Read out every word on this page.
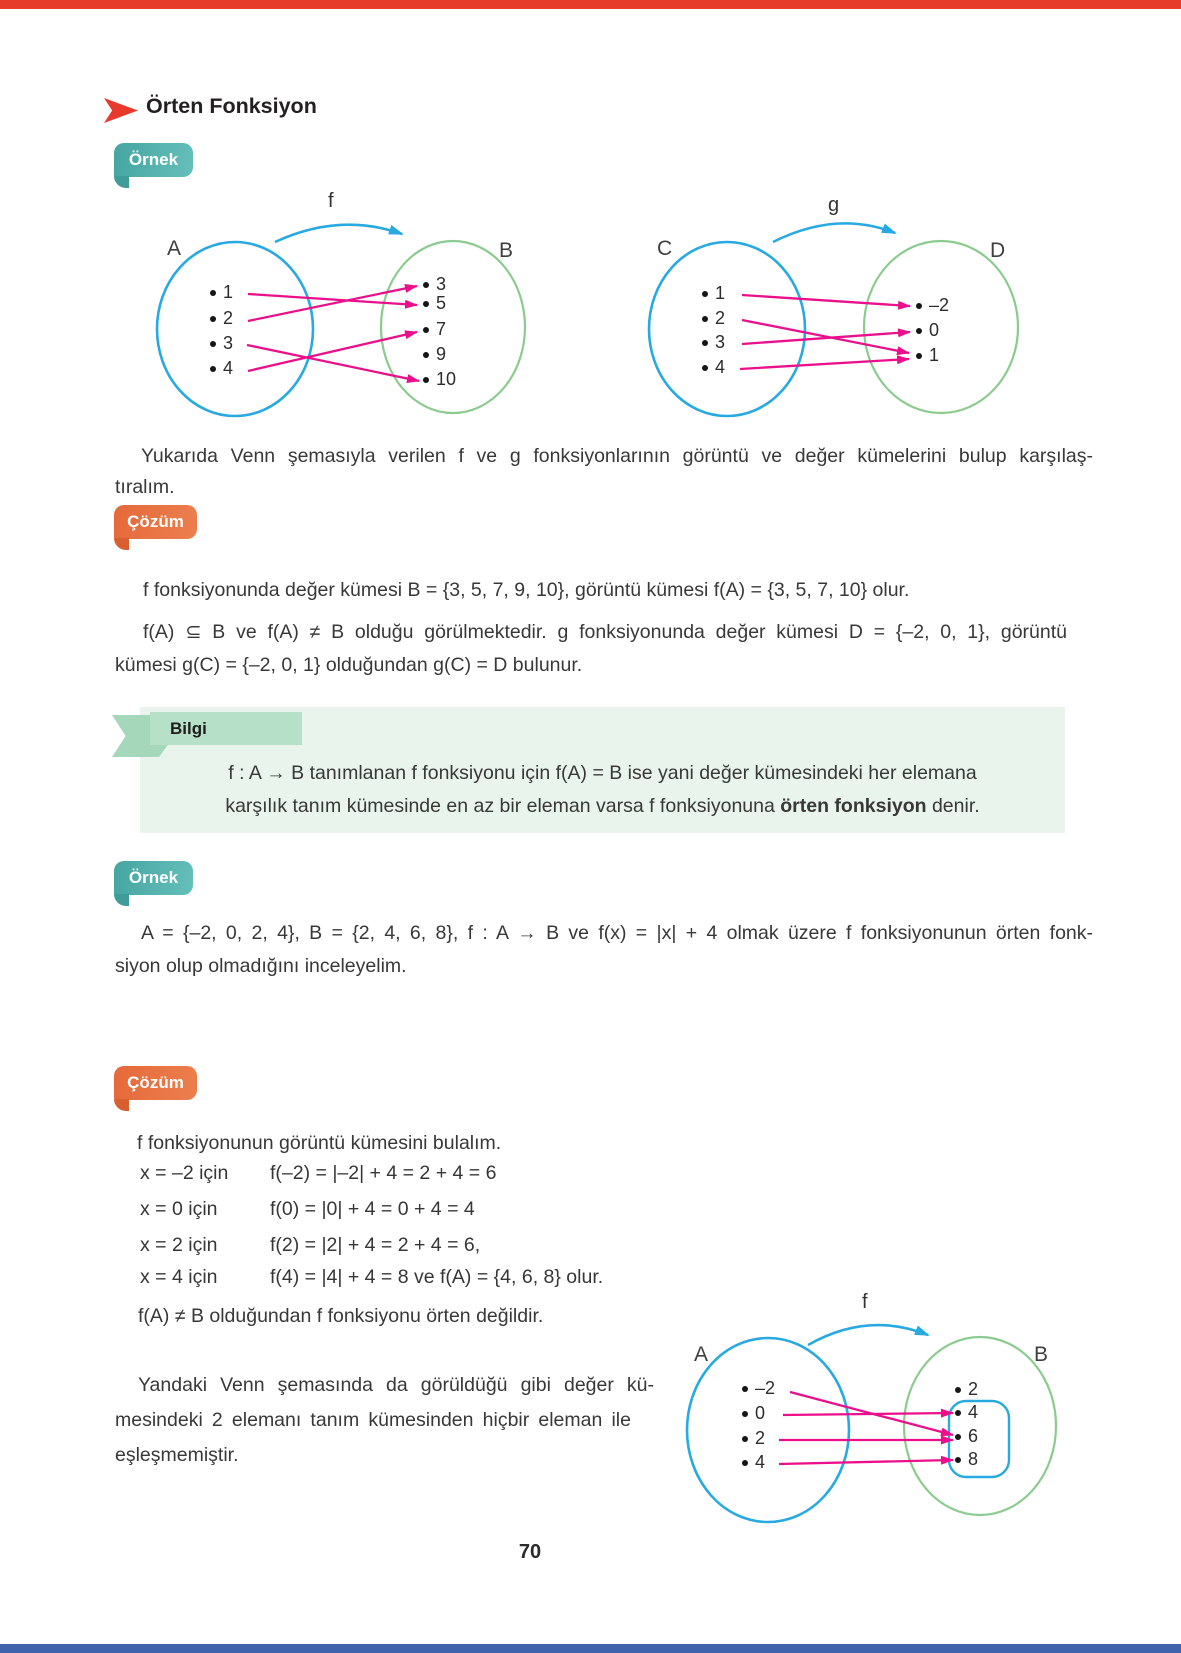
Örten Fonksiyon
Örnek
f
A	B
1
2
3
4
3
5
7
9
10
g
C	D
1
2
3
4
–2
0
1
Yukarıda Venn şemasıyla verilen f ve g fonksiyonlarının görüntü ve değer kümelerini bulup karşılaş-
tıralım.
Çözüm
f fonksiyonunda değer kümesi B = {3, 5, 7, 9, 10}, görüntü kümesi f(A) = {3, 5, 7, 10} olur.
f(A) ⊆ B ve f(A) ≠ B olduğu görülmektedir. g fonksiyonunda değer kümesi D = {–2, 0, 1}, görüntü
kümesi g(C) = {–2, 0, 1} olduğundan g(C) = D bulunur.
Bilgi
f : A → B tanımlanan f fonksiyonu için f(A) = B ise yani değer kümesindeki her elemana
karşılık tanım kümesinde en az bir eleman varsa f fonksiyonuna örten fonksiyon denir.
Örnek
A = {–2, 0, 2, 4}, B = {2, 4, 6, 8}, f : A → B ve f(x) = |x| + 4 olmak üzere f fonksiyonunun örten fonk-
siyon olup olmadığını inceleyelim.
Çözüm
f fonksiyonunun görüntü kümesini bulalım.
x = –2 için f(–2) = |–2| + 4 = 2 + 4 = 6
x = 0 için	f(0) = |0| + 4 = 0 + 4 = 4
x = 2 için	f(2) = |2| + 4 = 2 + 4 = 6,
x = 4 için	f(4) = |4| + 4 = 8 ve f(A) = {4, 6, 8} olur.
f(A) ≠ B olduğundan f fonksiyonu örten değildir.
Yandaki Venn şemasında da görüldüğü gibi değer kü-
mesindeki 2 elemanı tanım kümesinden hiçbir eleman ile
eşleşmemiştir.
f
A	B
–2
0
2
4
2
4
6
8
70
